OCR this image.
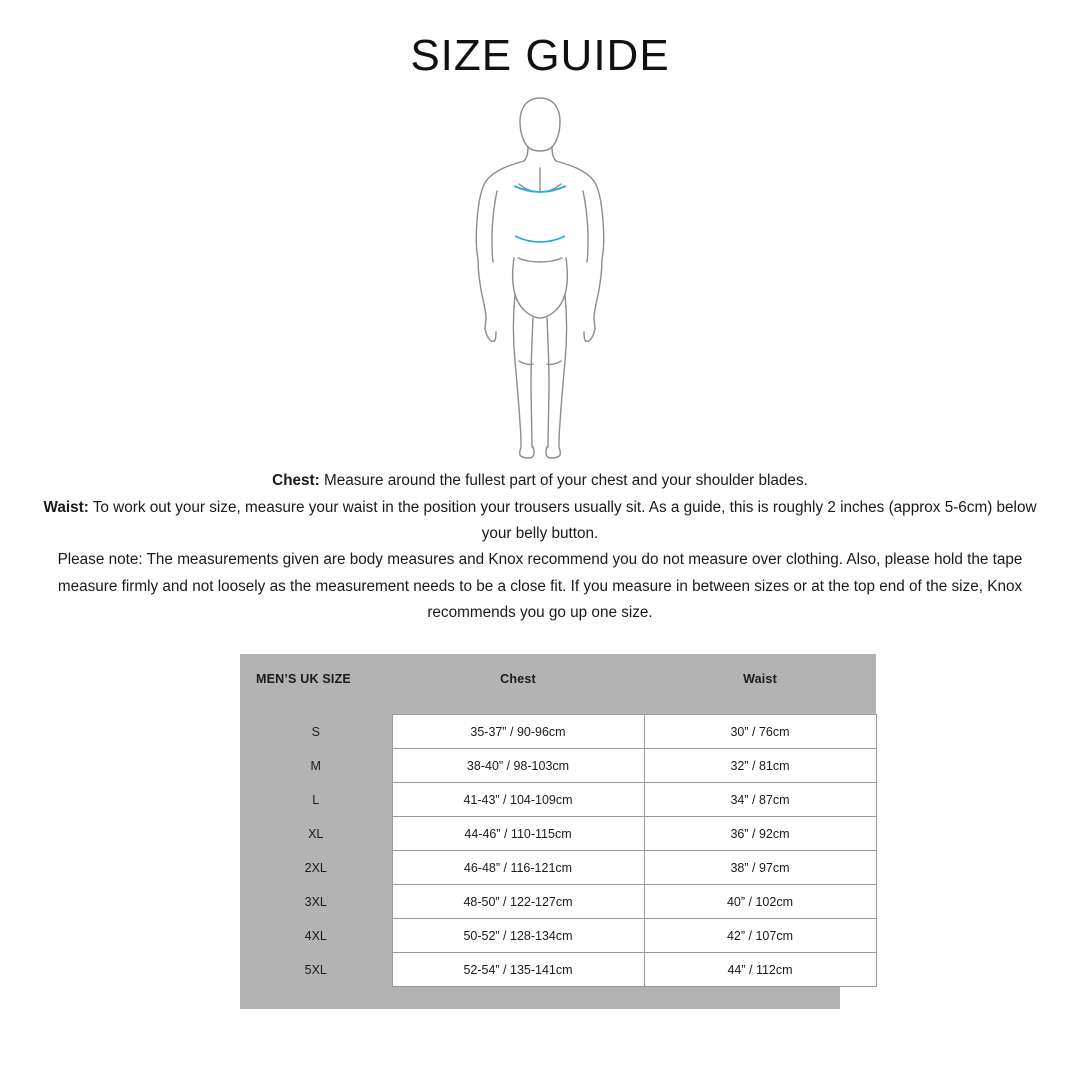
SIZE GUIDE

Chest: Measure around the fullest part of your chest and your shoulder blades.

Waist: To work out your size, measure your waist in the position your trousers usually sit. As a guide, this is roughly 2 inches (approx 5-6cm) below your belly button.

Please note: The measurements given are body measures and Knox recommend you do not measure over clothing. Also, please hold the tape measure firmly and not loosely as the measurement needs to be a close fit. If you measure in between sizes or at the top end of the size, Knox recommends you go up one size.

MEN’S UK SIZE	Chest	Waist

S	35-37” / 90-96cm	30” / 76cm
M	38-40” / 98-103cm	32” / 81cm
L	41-43” / 104-109cm	34” / 87cm
XL	44-46” / 110-115cm	36” / 92cm
2XL	46-48” / 116-121cm	38” / 97cm
3XL	48-50” / 122-127cm	40” / 102cm
4XL	50-52” / 128-134cm	42” / 107cm
5XL	52-54” / 135-141cm	44” / 112cm
